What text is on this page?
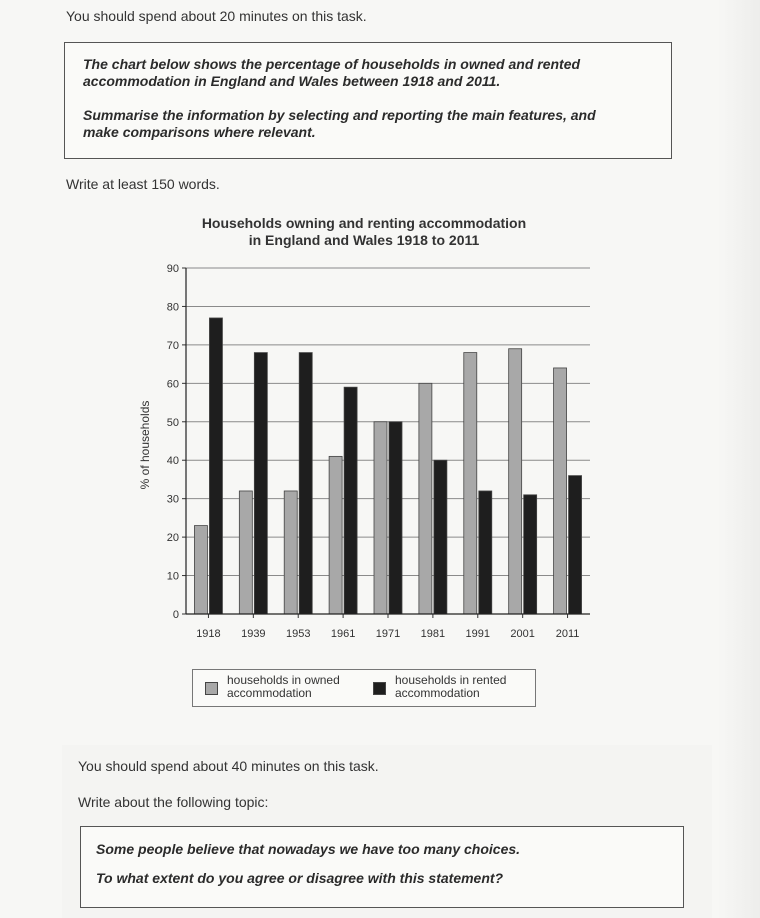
You should spend about 20 minutes on this task.

The chart below shows the percentage of households in owned and rented

accommodation in England and Wales between 1918 and 2011.

Summarise the information by selecting and reporting the main features, and

make comparisons where relevant.

Write at least 150 words.
Households owning and renting accommodation
in England and Wales 1918 to 2011
0
10
20
30
40
50
60
70
80
90
1918 1939 1953 1961 1971 1981 1991 2001 2011
% of households
households in owned
accommodation
households in rented
accommodation
You should spend about 40 minutes on this task.
Write about the following topic:

Some people believe that nowadays we have too many choices.

To what extent do you agree or disagree with this statement?
